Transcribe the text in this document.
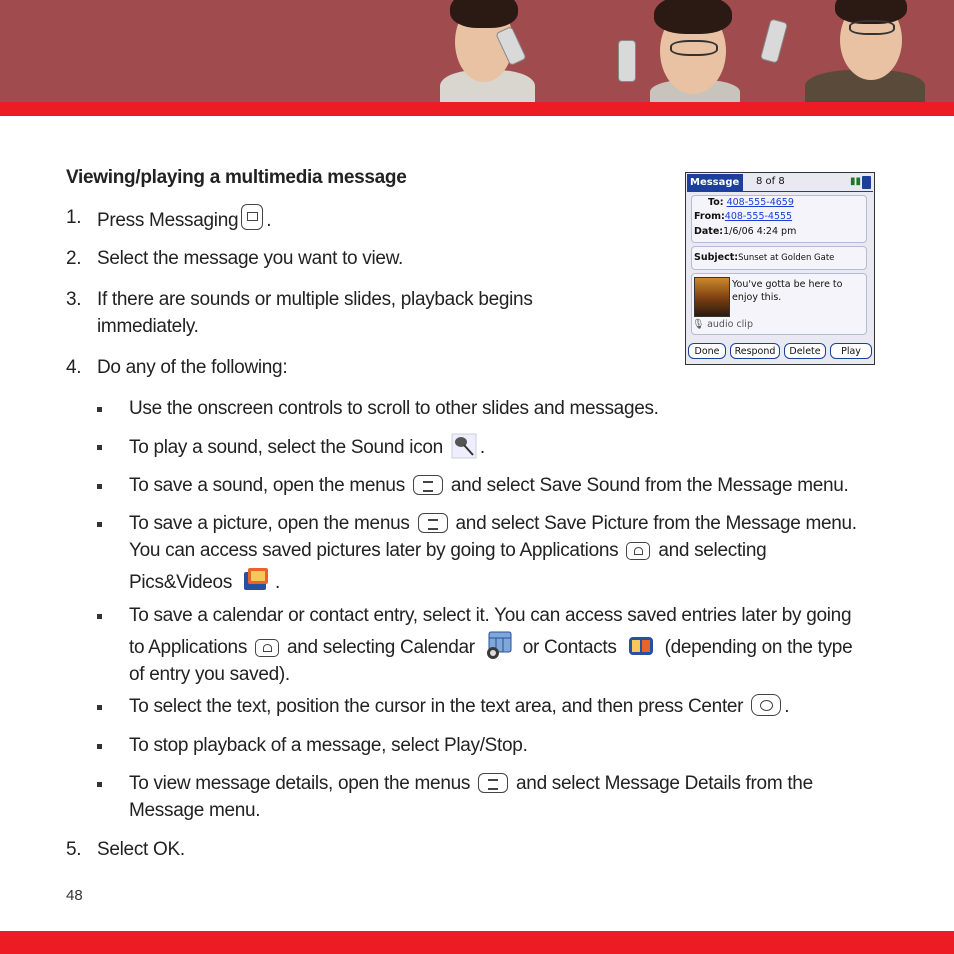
Viewing/playing a multimedia message
1. Press Messaging .
2. Select the message you want to view.
3. If there are sounds or multiple slides, playback begins
immediately.
4. Do any of the following:
Use the onscreen controls to scroll to other slides and messages.
To play a sound, select the Sound icon .
To save a sound, open the menus and select Save Sound from the Message menu.
To save a picture, open the menus and select Save Picture from the Message menu.
You can access saved pictures later by going to Applications and selecting
Pics&Videos .
To save a calendar or contact entry, select it. You can access saved entries later by going
to Applications and selecting Calendar	or Contacts	(depending on the type
of entry you saved).
To select the text, position the cursor in the text area, and then press Center .
To stop playback of a message, select Play/Stop.
To view message details, open the menus and select Message Details from the
Message menu.
5. Select OK.
Message	8 of 8	▮▮
To: 408-555-4659
From:408-555-4555
Date:1/6/06 4:24 pm
Subject:Sunset at Golden Gate
You've gotta be here to
enjoy this.
🎙 audio clip
Done	Respond	Delete	Play
48
